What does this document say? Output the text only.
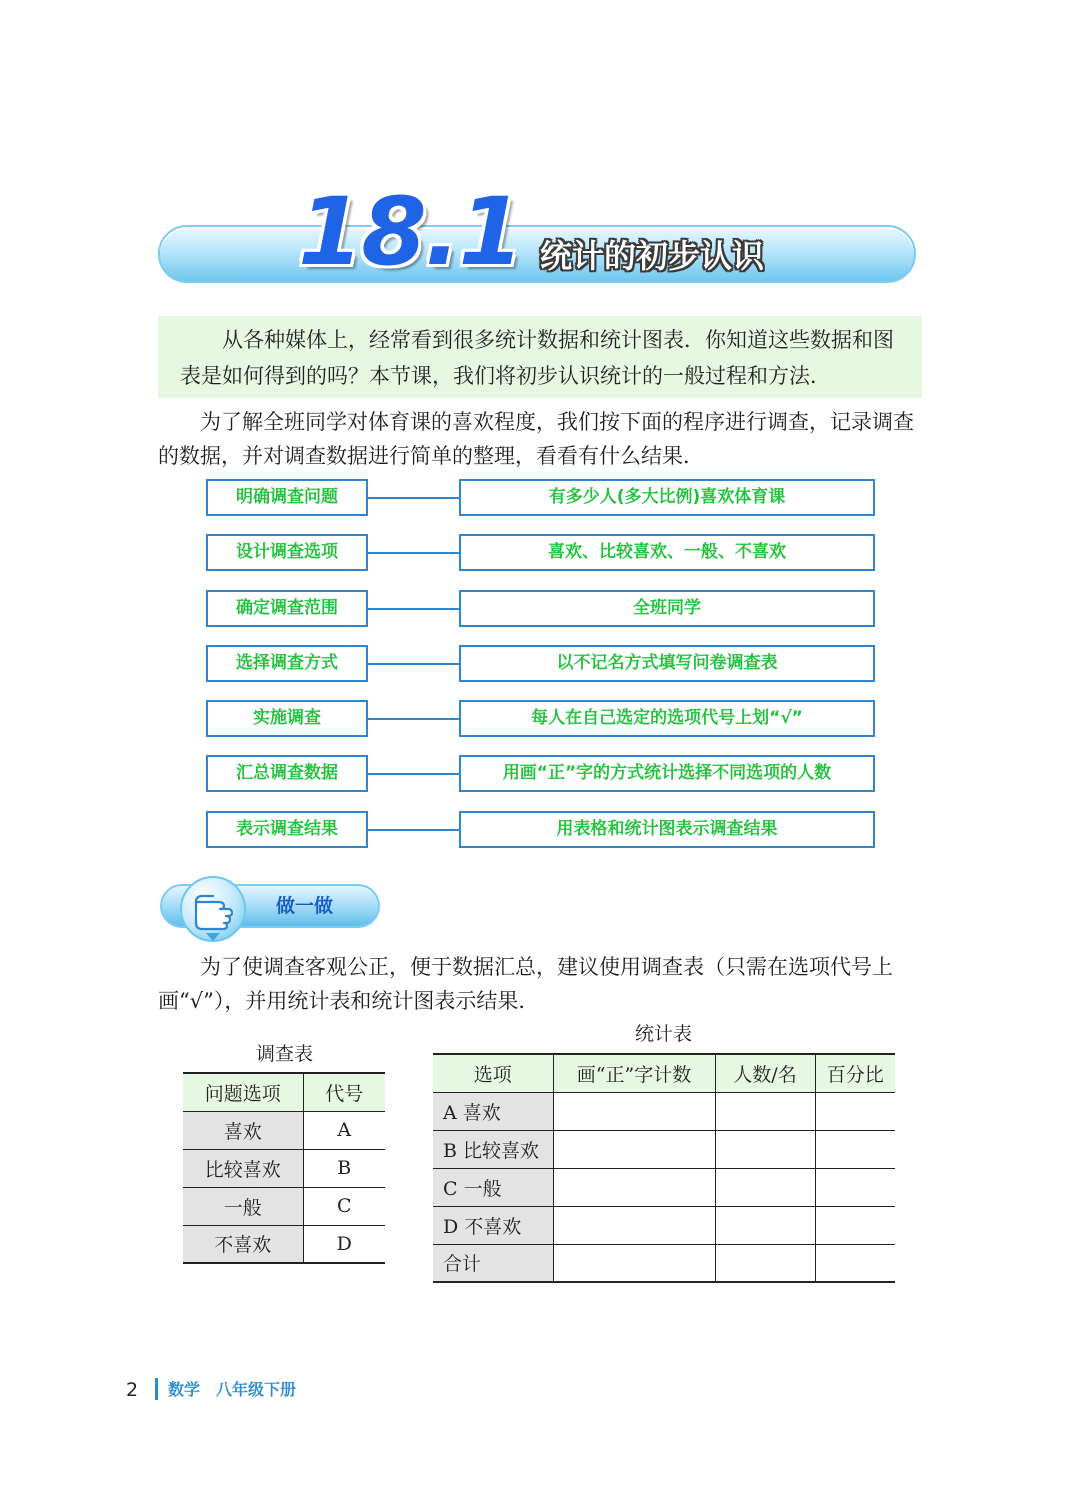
18.1 统计的初步认识
从各种媒体上，经常看到很多统计数据和统计图表．你知道这些数据和图表是如何得到的吗？本节课，我们将初步认识统计的一般过程和方法．

为了解全班同学对体育课的喜欢程度，我们按下面的程序进行调查，记录调查的数据，并对调查数据进行简单的整理，看看有什么结果．

明确调查问题	有多少人(多大比例)喜欢体育课
设计调查选项	喜欢、比较喜欢、一般、不喜欢
确定调查范围	全班同学
选择调查方式	以不记名方式填写问卷调查表
实施调查	每人在自己选定的选项代号上划“√”
汇总调查数据	用画“正”字的方式统计选择不同选项的人数
表示调查结果	用表格和统计图表示调查结果
做一做

为了使调查客观公正，便于数据汇总，建议使用调查表（只需在选项代号上画“√”），并用统计表和统计图表示结果．

调查表
问题选项	代号
喜欢	A
比较喜欢	B
一般	C
不喜欢	D
统计表
选项	画“正”字计数	人数/名	百分比
A 喜欢			
B 比较喜欢			
C 一般			
D 不喜欢			
合计			
2 数学　八年级下册
